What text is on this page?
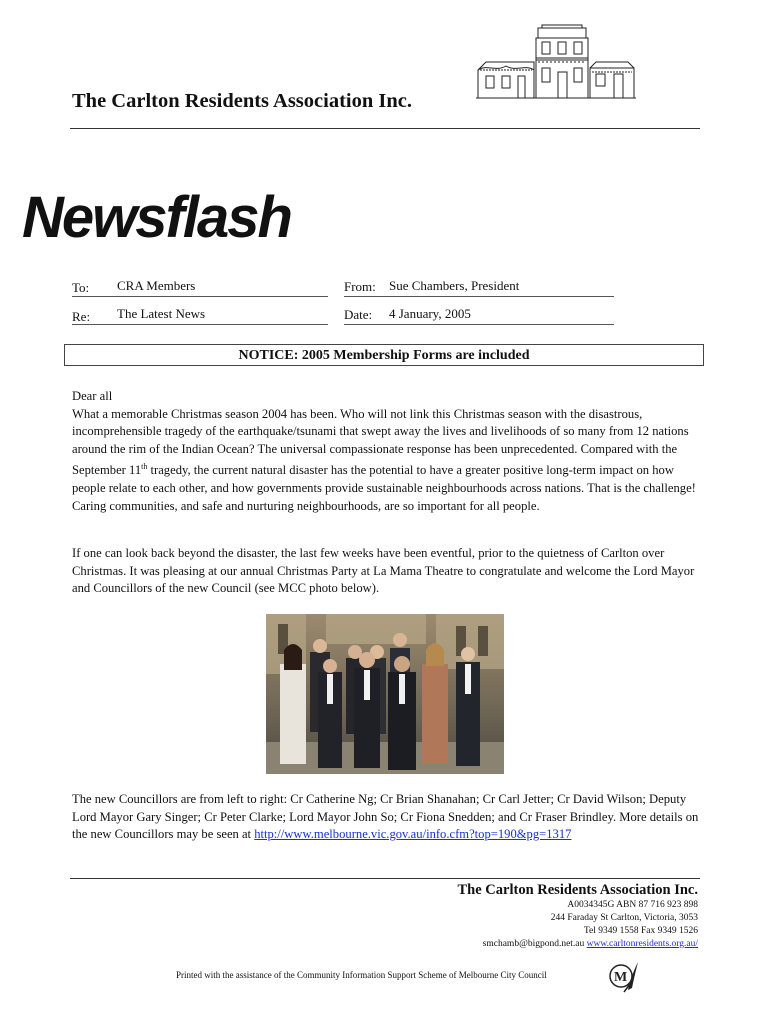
The Carlton Residents Association Inc.
Newsflash
To: CRA Members	From: Sue Chambers, President
Re: The Latest News	Date: 4 January, 2005
NOTICE: 2005 Membership Forms are included

Dear all

What a memorable Christmas season 2004 has been. Who will not link this Christmas season with the disastrous, incomprehensible tragedy of the earthquake/tsunami that swept away the lives and livelihoods of so many from 12 nations around the rim of the Indian Ocean? The universal compassionate response has been unprecedented. Compared with the September 11th tragedy, the current natural disaster has the potential to have a greater positive long-term impact on how people relate to each other, and how governments provide sustainable neighbourhoods across nations. That is the challenge! Caring communities, and safe and nurturing neighbourhoods, are so important for all people.

If one can look back beyond the disaster, the last few weeks have been eventful, prior to the quietness of Carlton over Christmas. It was pleasing at our annual Christmas Party at La Mama Theatre to congratulate and welcome the Lord Mayor and Councillors of the new Council (see MCC photo below).
The new Councillors are from left to right: Cr Catherine Ng; Cr Brian Shanahan; Cr Carl Jetter; Cr David Wilson; Deputy Lord Mayor Gary Singer; Cr Peter Clarke; Lord Mayor John So; Cr Fiona Snedden; and Cr Fraser Brindley. More details on the new Councillors may be seen at http://www.melbourne.vic.gov.au/info.cfm?top=190&pg=1317
The Carlton Residents Association Inc.
A0034345G ABN 87 716 923 898
244 Faraday St Carlton, Victoria, 3053
Tel 9349 1558 Fax 9349 1526
smchamb@bigpond.net.au www.carltonresidents.org.au/
Printed with the assistance of the Community Information Support Scheme of Melbourne City Council	M
